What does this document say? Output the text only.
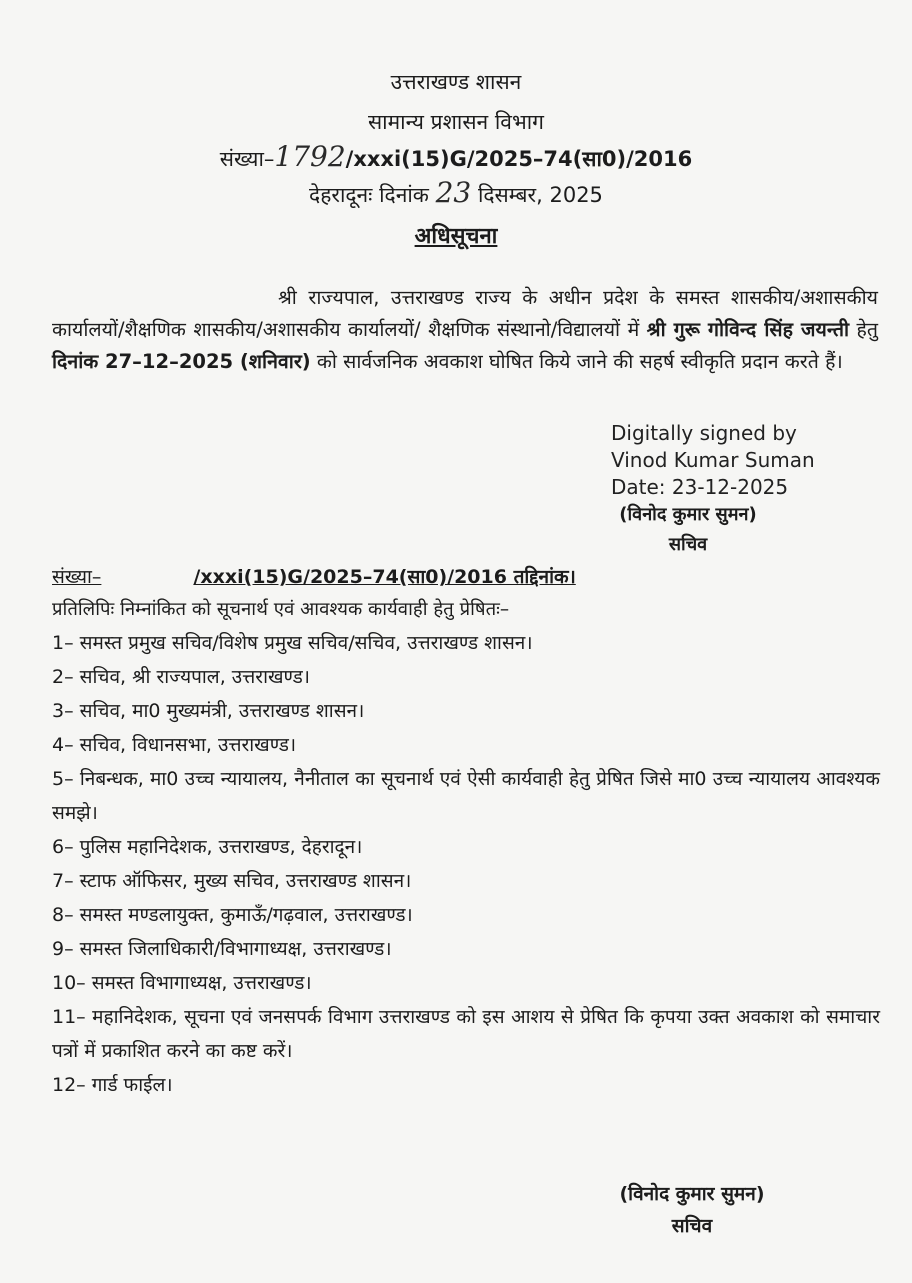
उत्तराखण्ड शासन
सामान्य प्रशासन विभाग
संख्या–1792/xxxi(15)G/2025–74(सा0)/2016
देहरादूनः दिनांक 23 दिसम्बर, 2025
अधिसूचना
श्री राज्यपाल, उत्तराखण्ड राज्य के अधीन प्रदेश के समस्त शासकीय/अशासकीय कार्यालयों/शैक्षणिक शासकीय/अशासकीय कार्यालयों/ शैक्षणिक संस्थानो/विद्यालयों में श्री गुरू गोविन्द सिंह जयन्ती हेतु दिनांक 27–12–2025 (शनिवार) को सार्वजनिक अवकाश घोषित किये जाने की सहर्ष स्वीकृति प्रदान करते हैं।
Digitally signed by
Vinod Kumar Suman
Date: 23-12-2025
(विनोद कुमार सुमन)
सचिव
संख्या–	/xxxi(15)G/2025–74(सा0)/2016 तद्दिनांक।
प्रतिलिपिः निम्नांकित को सूचनार्थ एवं आवश्यक कार्यवाही हेतु प्रेषितः–
1– समस्त प्रमुख सचिव/विशेष प्रमुख सचिव/सचिव, उत्तराखण्ड शासन।
2– सचिव, श्री राज्यपाल, उत्तराखण्ड।
3– सचिव, मा0 मुख्यमंत्री, उत्तराखण्ड शासन।
4– सचिव, विधानसभा, उत्तराखण्ड।
5– निबन्धक, मा0 उच्च न्यायालय, नैनीताल का सूचनार्थ एवं ऐसी कार्यवाही हेतु प्रेषित जिसे मा0 उच्च न्यायालय आवश्यक समझे।
6– पुलिस महानिदेशक, उत्तराखण्ड, देहरादून।
7– स्टाफ ऑफिसर, मुख्य सचिव, उत्तराखण्ड शासन।
8– समस्त मण्डलायुक्त, कुमाऊँ/गढ़वाल, उत्तराखण्ड।
9– समस्त जिलाधिकारी/विभागाध्यक्ष, उत्तराखण्ड।
10– समस्त विभागाध्यक्ष, उत्तराखण्ड।
11– महानिदेशक, सूचना एवं जनसपर्क विभाग उत्तराखण्ड को इस आशय से प्रेषित कि कृपया उक्त अवकाश को समाचार पत्रों में प्रकाशित करने का कष्ट करें।
12– गार्ड फाईल।
(विनोद कुमार सुमन)
सचिव
